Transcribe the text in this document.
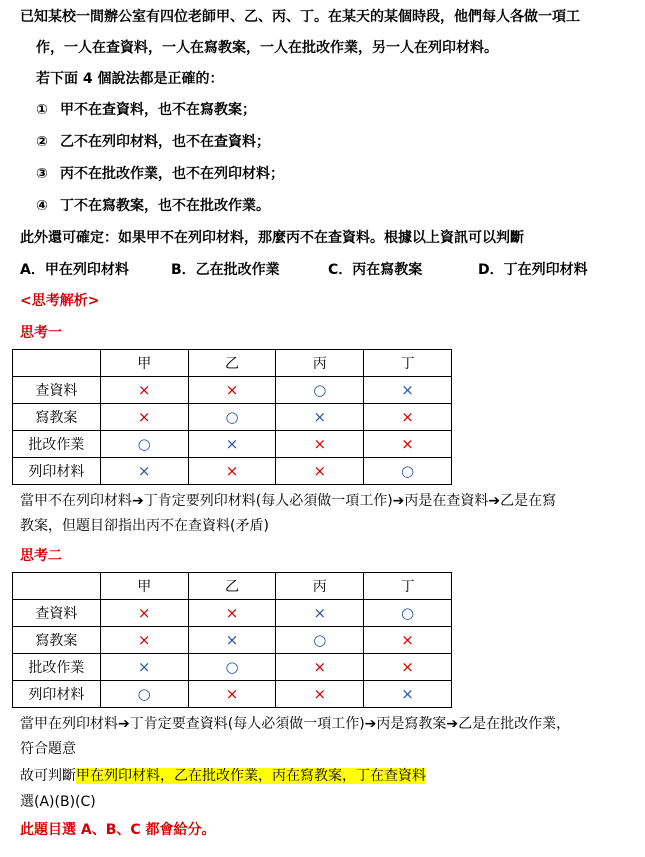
已知某校一間辦公室有四位老師甲、乙、丙、丁。在某天的某個時段，他們每人各做一項工
作，一人在查資料，一人在寫教案，一人在批改作業，另一人在列印材料。
若下面 4 個說法都是正確的：
① 甲不在查資料，也不在寫教案；
② 乙不在列印材料，也不在查資料；
③ 丙不在批改作業，也不在列印材料；
④ 丁不在寫教案，也不在批改作業。
此外還可確定：如果甲不在列印材料，那麼丙不在查資料。根據以上資訊可以判斷
A．甲在列印材料	B．乙在批改作業	C．丙在寫教案	D．丁在列印材料
<思考解析>
思考一
	甲	乙	丙	丁
查資料	×	×	○	×
寫教案	×	○	×	×
批改作業	○	×	×	×
列印材料	×	×	×	○
當甲不在列印材料➔丁肯定要列印材料(每人必須做一項工作)➔丙是在查資料➔乙是在寫
教案，但題目卻指出丙不在查資料(矛盾)
思考二
	甲	乙	丙	丁
查資料	×	×	×	○
寫教案	×	×	○	×
批改作業	×	○	×	×
列印材料	○	×	×	×
當甲在列印材料➔丁肯定要查資料(每人必須做一項工作)➔丙是寫教案➔乙是在批改作業，
符合題意
故可判斷甲在列印材料，乙在批改作業，丙在寫教案，丁在查資料
選(A)(B)(C)
此題目選 A、B、C 都會給分。
